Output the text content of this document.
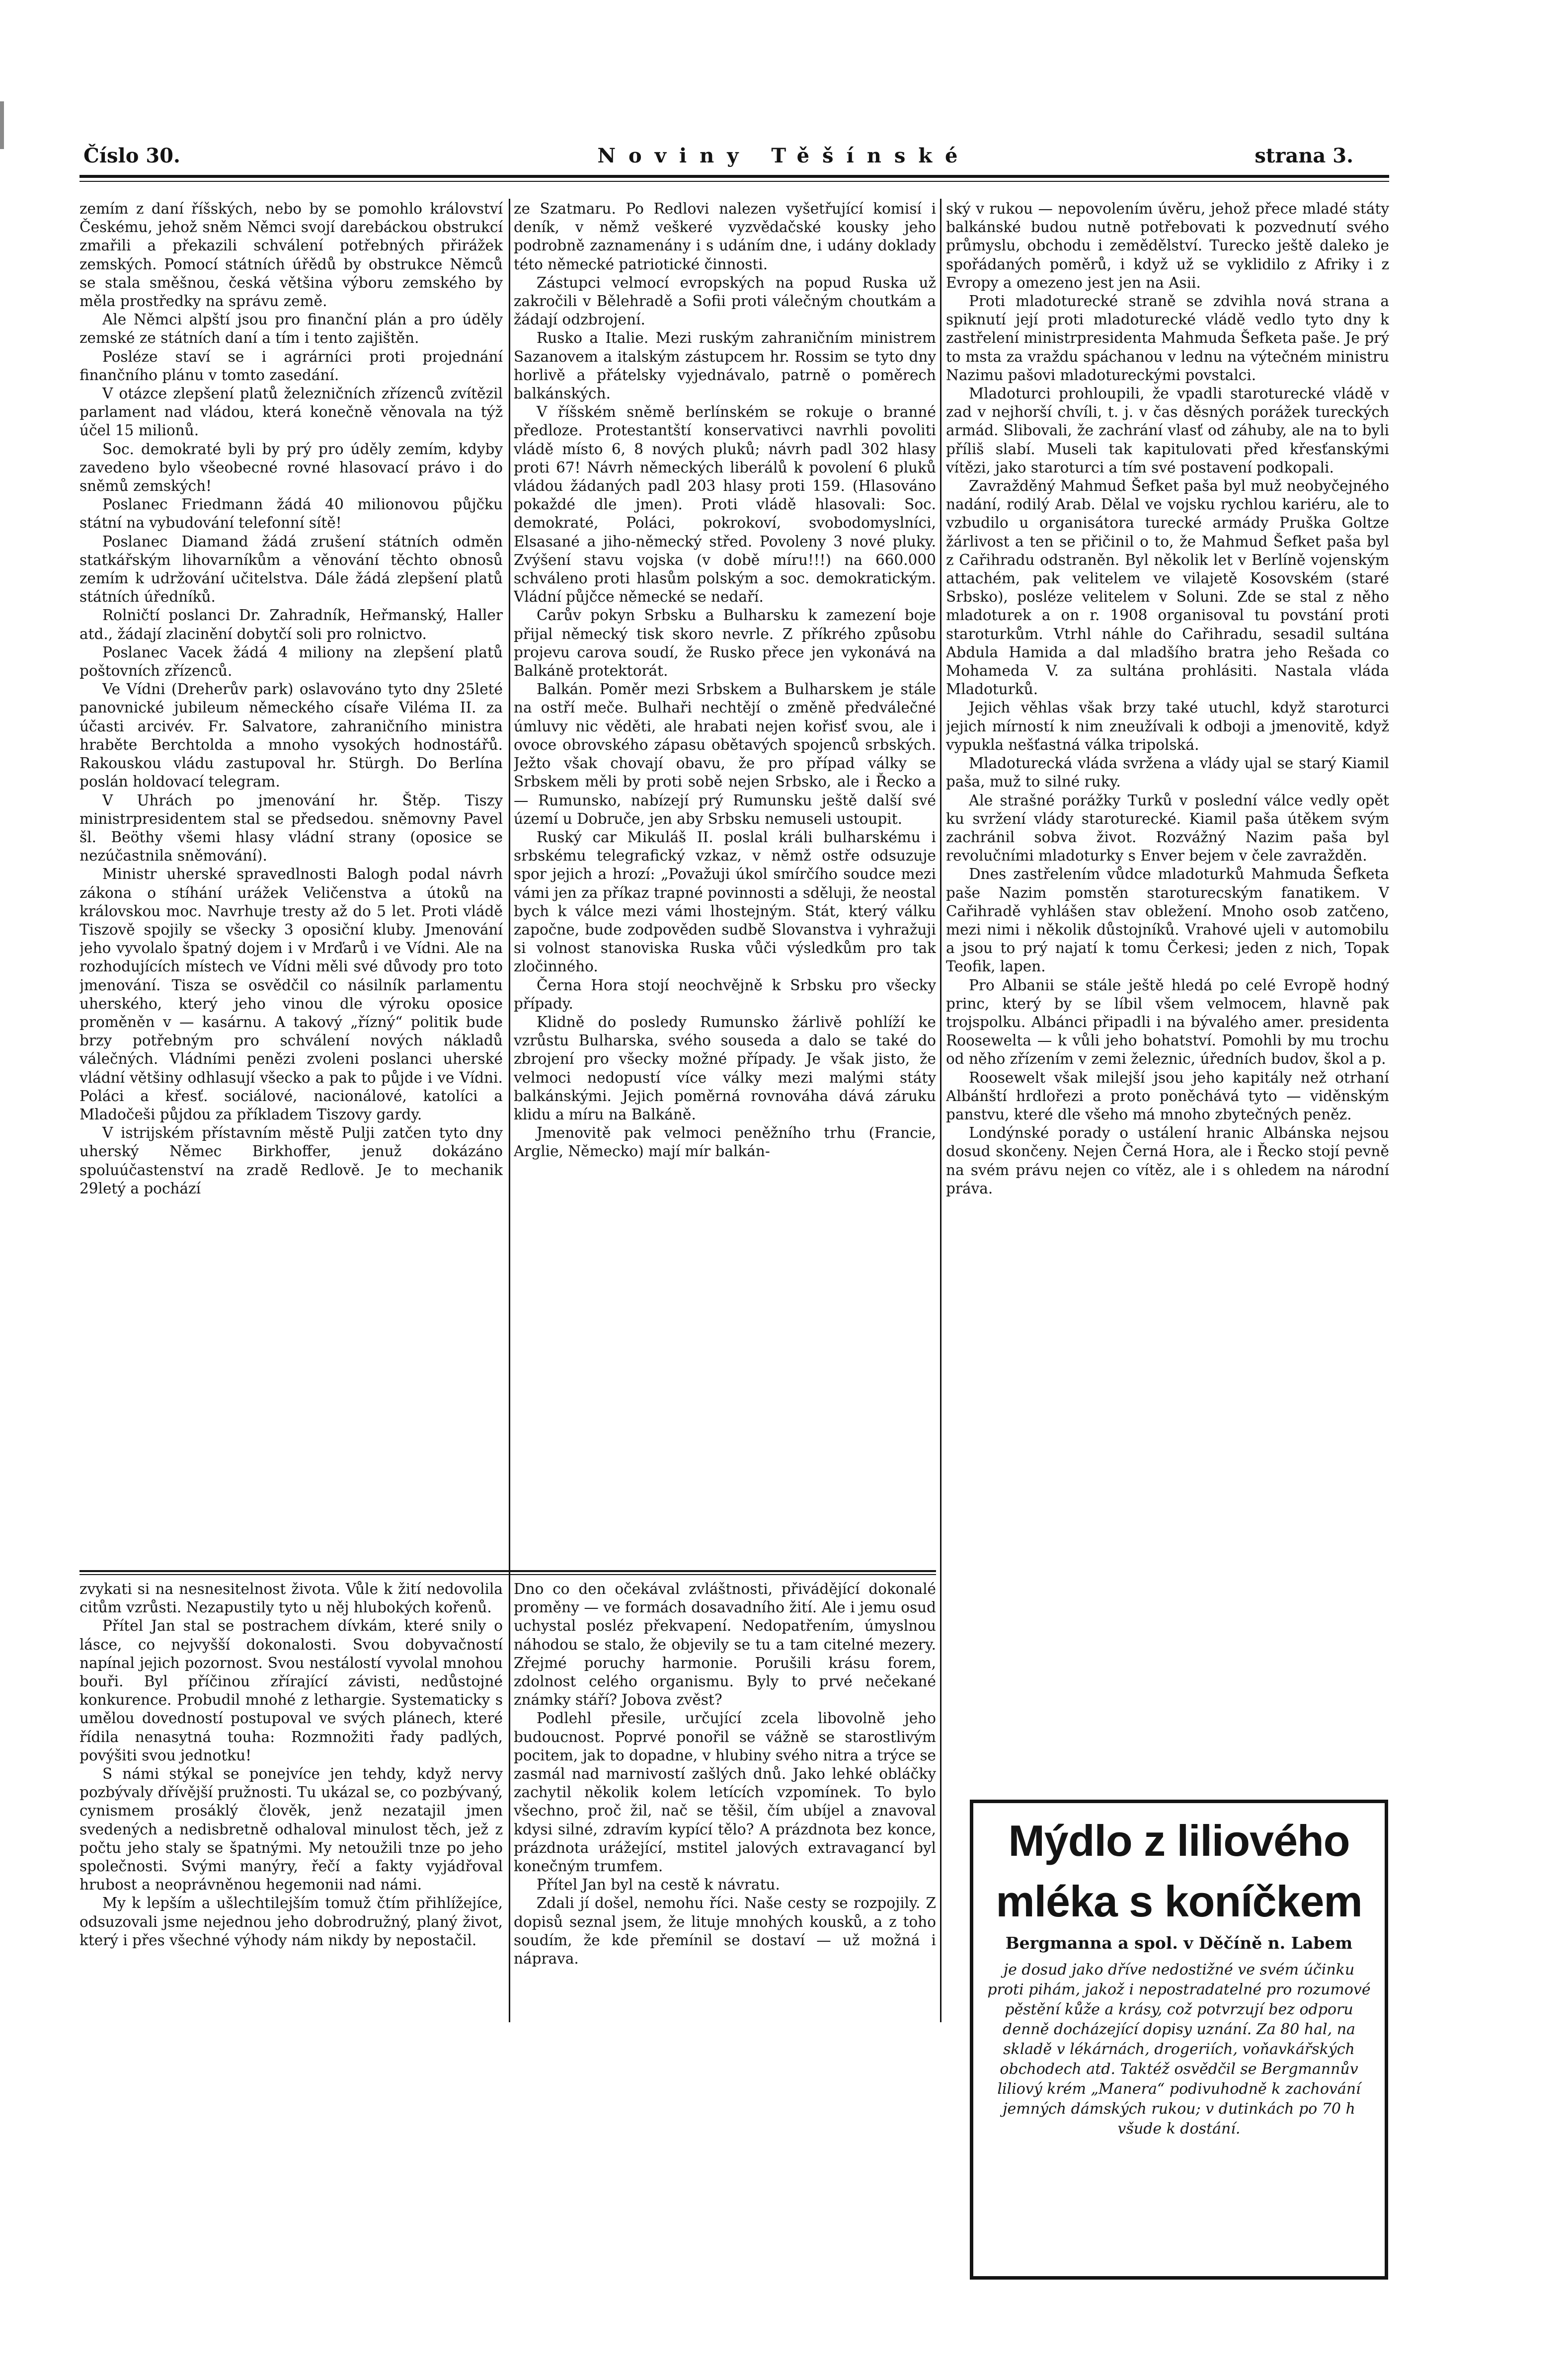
Číslo 30.	Noviny Těšínské	strana 3.

zemím z daní říšských, nebo by se pomohlo království Českému, jehož sněm Němci svojí darebáckou obstrukcí zmařili a překazili schválení potřebných přirážek zemských. Pomocí státních úřědů by obstrukce Němců se stala směšnou, česká většina výboru zemského by měla prostředky na správu země.

Ale Němci alpští jsou pro finanční plán a pro úděly zemské ze státních daní a tím i tento zajištěn.

Posléze staví se i agrárníci proti projednání finančního plánu v tomto zasedání.

V otázce zlepšení platů železničních zřízenců zvítězil parlament nad vládou, která konečně věnovala na týž účel 15 milionů.

Soc. demokraté byli by prý pro úděly zemím, kdyby zavedeno bylo všeobecné rovné hlasovací právo i do sněmů zemských!

Poslanec Friedmann žádá 40 milionovou půjčku státní na vybudování telefonní sítě!

Poslanec Diamand žádá zrušení státních odměn statkářským lihovarníkům a věnování těchto obnosů zemím k udržování učitelstva. Dále žádá zlepšení platů státních úředníků.

Rolničtí poslanci Dr. Zahradník, Heřmanský, Haller atd., žádají zlacinění dobytčí soli pro rolnictvo.

Poslanec Vacek žádá 4 miliony na zlepšení platů poštovních zřízenců.

Ve Vídni (Dreherův park) oslavováno tyto dny 25leté panovnické jubileum německého císaře Viléma II. za účasti arcivév. Fr. Salvatore, zahraničního ministra hraběte Berchtolda a mnoho vysokých hodnostářů. Rakouskou vládu zastupoval hr. Stürgh. Do Berlína poslán holdovací telegram.

V Uhrách po jmenování hr. Štěp. Tiszy ministrpresidentem stal se předsedou. sněmovny Pavel šl. Beöthy všemi hlasy vládní strany (oposice se nezúčastnila sněmování).

Ministr uherské spravedlnosti Balogh podal návrh zákona o stíhání urážek Veličenstva a útoků na královskou moc. Navrhuje tresty až do 5 let. Proti vládě Tiszově spojily se všecky 3 oposiční kluby. Jmenování jeho vyvolalo špatný dojem i v Mrďarů i ve Vídni. Ale na rozhodujících místech ve Vídni měli své důvody pro toto jmenování. Tisza se osvědčil co násilník parlamentu uherského, který jeho vinou dle výroku oposice proměněn v — kasárnu. A takový „řízný“ politik bude brzy potřebným pro schválení nových nákladů válečných. Vládními penězi zvoleni poslanci uherské vládní většiny odhlasují všecko a pak to půjde i ve Vídni. Poláci a křesť. sociálové, nacionálové, katolíci a Mladočeši půjdou za příkladem Tiszovy gardy.

V istrijském přístavním městě Pulji zatčen tyto dny uherský Němec Birkhoffer, jenuž dokázáno spoluúčastenství na zradě Redlově. Je to mechanik 29letý a pochází

ze Szatmaru. Po Redlovi nalezen vyšetřující komisí i deník, v němž veškeré vyzvědačské kousky jeho podrobně zaznamenány i s udáním dne, i udány doklady této německé patriotické činnosti.

Zástupci velmocí evropských na popud Ruska už zakročili v Bělehradě a Sofii proti válečným choutkám a žádají odzbrojení.

Rusko a Italie. Mezi ruským zahraničním ministrem Sazanovem a italským zástupcem hr. Rossim se tyto dny horlivě a přátelsky vyjednávalo, patrně o poměrech balkánských.

V říšském sněmě berlínském se rokuje o branné předloze. Protestantští konservativci navrhli povoliti vládě místo 6, 8 nových pluků; návrh padl 302 hlasy proti 67! Návrh německých liberálů k povolení 6 pluků vládou žádaných padl 203 hlasy proti 159. (Hlasováno pokaždé dle jmen). Proti vládě hlasovali: Soc. demokraté, Poláci, pokrokoví, svobodomyslníci, Elsasané a jiho-německý střed. Povoleny 3 nové pluky. Zvýšení stavu vojska (v době míru!!!) na 660.000 schváleno proti hlasům polským a soc. demokratickým. Vládní půjčce německé se nedaří.

Carův pokyn Srbsku a Bulharsku k zamezení boje přijal německý tisk skoro nevrle. Z příkrého způsobu projevu carova soudí, že Rusko přece jen vykonává na Balkáně protektorát.

Balkán. Poměr mezi Srbskem a Bulharskem je stále na ostří meče. Bulhaři nechtějí o změně předválečné úmluvy nic věděti, ale hrabati nejen kořisť svou, ale i ovoce obrovského zápasu obětavých spojenců srbských. Ježto však chovají obavu, že pro případ války se Srbskem měli by proti sobě nejen Srbsko, ale i Řecko a — Rumunsko, nabízejí prý Rumunsku ještě další své území u Dobruče, jen aby Srbsku nemuseli ustoupit.

Ruský car Mikuláš II. poslal králi bulharskému i srbskému telegrafický vzkaz, v němž ostře odsuzuje spor jejich a hrozí: „Považuji úkol smírčího soudce mezi vámi jen za příkaz trapné povinnosti a sděluji, že neostal bych k válce mezi vámi lhostejným. Stát, který válku započne, bude zodpověden sudbě Slovanstva i vyhražuji si volnost stanoviska Ruska vůči výsledkům pro tak zločinného.

Černa Hora stojí neochvějně k Srbsku pro všecky případy.

Klidně do posledy Rumunsko žárlivě pohlíží ke vzrůstu Bulharska, svého souseda a dalo se také do zbrojení pro všecky možné případy. Je však jisto, že velmoci nedopustí více války mezi malými státy balkánskými. Jejich poměrná rovnováha dává záruku klidu a míru na Balkáně.

Jmenovitě pak velmoci peněžního trhu (Francie, Arglie, Německo) mají mír balkán-

ský v rukou — nepovolením úvěru, jehož přece mladé státy balkánské budou nutně potřebovati k pozvednutí svého průmyslu, obchodu i zemědělství. Turecko ještě daleko je spořádaných poměrů, i když už se vyklidilo z Afriky i z Evropy a omezeno jest jen na Asii.

Proti mladoturecké straně se zdvihla nová strana a spiknutí její proti mladoturecké vládě vedlo tyto dny k zastřelení ministrpresidenta Mahmuda Šefketa paše. Je prý to msta za vraždu spáchanou v lednu na výtečném ministru Nazimu pašovi mladotureckými povstalci.

Mladoturci prohloupili, že vpadli staroturecké vládě v zad v nejhorší chvíli, t. j. v čas děsných porážek tureckých armád. Slibovali, že zachrání vlasť od záhuby, ale na to byli příliš slabí. Museli tak kapitulovati před křesťanskými vítězi, jako staroturci a tím své postavení podkopali.

Zavražděný Mahmud Šefket paša byl muž neobyčejného nadání, rodilý Arab. Dělal ve vojsku rychlou kariéru, ale to vzbudilo u organisátora turecké armády Pruška Goltze žárlivost a ten se přičinil o to, že Mahmud Šefket paša byl z Cařihradu odstraněn. Byl několik let v Berlíně vojenským attachém, pak velitelem ve vilajetě Kosovském (staré Srbsko), posléze velitelem v Soluni. Zde se stal z něho mladoturek a on r. 1908 organisoval tu povstání proti staroturkům. Vtrhl náhle do Cařihradu, sesadil sultána Abdula Hamida a dal mladšího bratra jeho Rešada co Mohameda V. za sultána prohlásiti. Nastala vláda Mladoturků.

Jejich věhlas však brzy také utuchl, když staroturci jejich mírností k nim zneužívali k odboji a jmenovitě, když vypukla nešťastná válka tripolská.

Mladoturecká vláda svržena a vlády ujal se starý Kiamil paša, muž to silné ruky.

Ale strašné porážky Turků v poslední válce vedly opět ku svržení vlády staroturecké. Kiamil paša útěkem svým zachránil sobva život. Rozvážný Nazim paša byl revolučními mladoturky s Enver bejem v čele zavražděn.

Dnes zastřelením vůdce mladoturků Mahmuda Šefketa paše Nazim pomstěn staroturecským fanatikem. V Cařihradě vyhlášen stav obležení. Mnoho osob zatčeno, mezi nimi i několik důstojníků. Vrahové ujeli v automobilu a jsou to prý najatí k tomu Čerkesi; jeden z nich, Topak Teofik, lapen.

Pro Albanii se stále ještě hledá po celé Evropě hodný princ, který by se líbil všem velmocem, hlavně pak trojspolku. Albánci připadli i na bývalého amer. presidenta Roosewelta — k vůli jeho bohatství. Pomohli by mu trochu od něho zřízením v zemi železnic, úředních budov, škol a p.

Roosewelt však milejší jsou jeho kapitály než otrhaní Albánští hrdlořezi a proto poněchává tyto — viděnským panstvu, které dle všeho má mnoho zbytečných peněz.

Londýnské porady o ustálení hranic Albánska nejsou dosud skončeny. Nejen Černá Hora, ale i Řecko stojí pevně na svém právu nejen co vítěz, ale i s ohledem na národní práva.

zvykati si na nesnesitelnost života. Vůle k žití nedovolila citům vzrůsti. Nezapustily tyto u něj hlubokých kořenů.

Přítel Jan stal se postrachem dívkám, které snily o lásce, co nejvyšší dokonalosti. Svou dobyvačností napínal jejich pozornost. Svou nestálostí vyvolal mnohou bouři. Byl příčinou zřírající závisti, nedůstojné konkurence. Probudil mnohé z lethargie. Systematicky s umělou dovedností postupoval ve svých plánech, které řídila nenasytná touha: Rozmnožiti řady padlých, povýšiti svou jednotku!

S námi stýkal se ponejvíce jen tehdy, když nervy pozbývaly dřívější pružnosti. Tu ukázal se, co pozbývaný, cynismem prosáklý člověk, jenž nezatajil jmen svedených a nedisbretně odhaloval minulost těch, jež z počtu jeho staly se špatnými. My netoužili tnze po jeho společnosti. Svými manýry, řečí a fakty vyjádřoval hrubost a neoprávněnou hegemonii nad námi.

My k lepším a ušlechtilejším tomuž čtím přihlížejíce, odsuzovali jsme nejednou jeho dobrodružný, planý život, který i přes všechné výhody nám nikdy by nepostačil.

Dno co den očekával zvláštnosti, přivádějící dokonalé proměny — ve formách dosavadního žití. Ale i jemu osud uchystal posléz překvapení. Nedopatřením, úmyslnou náhodou se stalo, že objevily se tu a tam citelné mezery. Zřejmé poruchy harmonie. Porušili krásu forem, zdolnost celého organismu. Byly to prvé nečekané známky stáří? Jobova zvěst?

Podlehl přesile, určující zcela libovolně jeho budoucnost. Poprvé ponořil se vážně se starostlivým pocitem, jak to dopadne, v hlubiny svého nitra a trýce se zasmál nad marnivostí zašlých dnů. Jako lehké obláčky zachytil několik kolem letících vzpomínek. To bylo všechno, proč žil, nač se těšil, čím ubíjel a znavoval kdysi silné, zdravím kypící tělo? A prázdnota bez konce, prázdnota urážející, mstitel jalových extravagancí byl konečným trumfem.

Přítel Jan byl na cestě k návratu.

Zdali jí došel, nemohu říci. Naše cesty se rozpojily. Z dopisů seznal jsem, že lituje mnohých kousků, a z toho soudím, že kde přemínil se dostaví — už možná i náprava.

Mýdlo z liliového
mléka s koníčkem
Bergmanna a spol. v Děčíně n. Labem
je dosud jako dříve nedostižné ve svém účinku proti pihám, jakož i nepostradatelné pro rozumové pěstění kůže a krásy, což potvrzují bez odporu denně docházející dopisy uznání. Za 80 hal, na skladě v lékárnách, drogeriích, voňavkářských obchodech atd. Taktéž osvědčil se Bergmannův liliový krém „Manera“ podivuhodně k zachování jemných dámských rukou; v dutinkách po 70 h všude k dostání.
